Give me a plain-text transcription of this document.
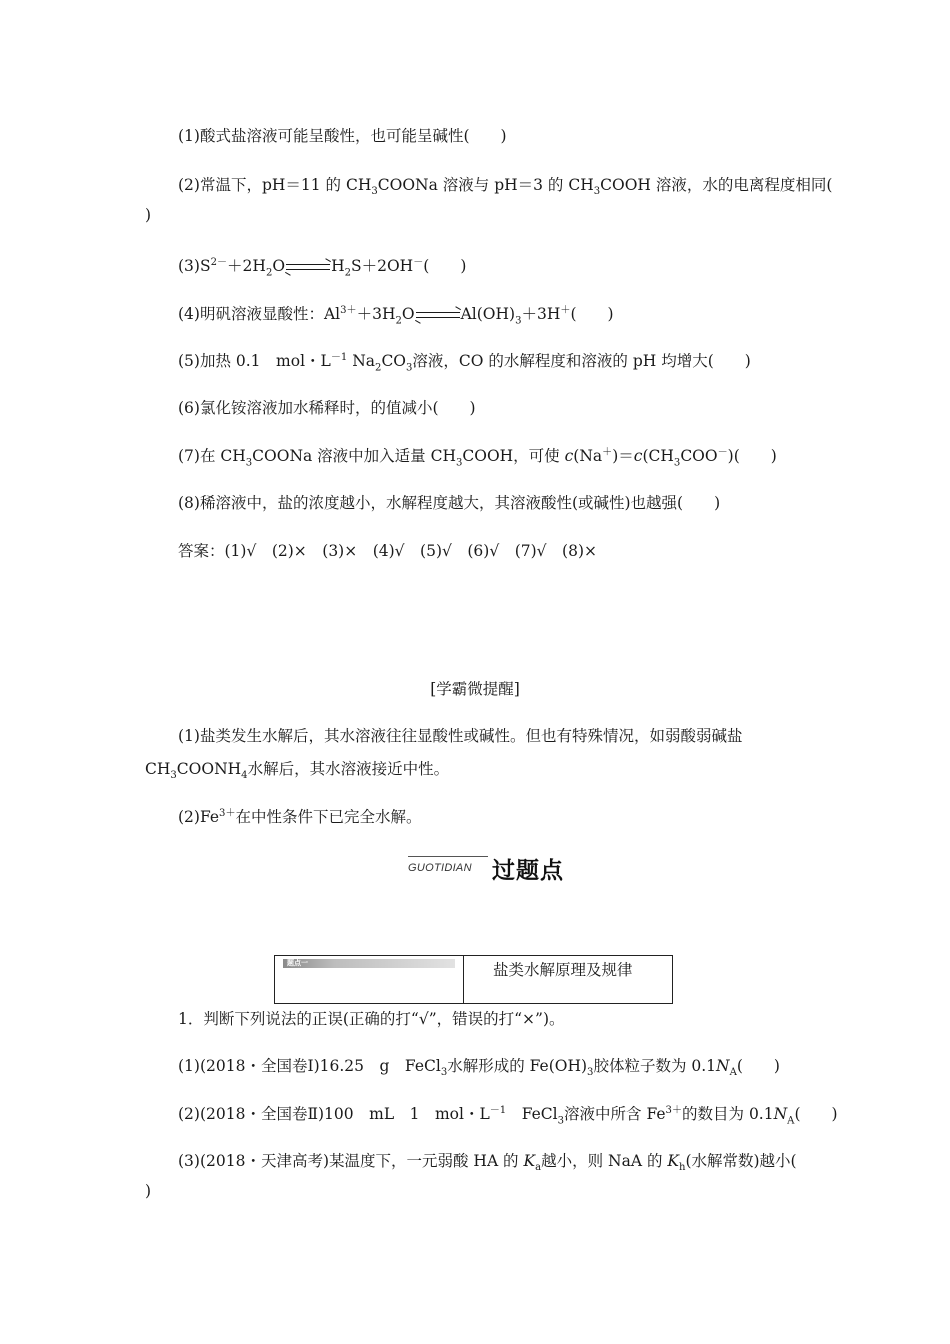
(1)酸式盐溶液可能呈酸性，也可能呈碱性(　　)
(2)常温下，pH＝11 的 $CH_3COONa$ 溶液与 pH＝3 的 $CH_3COOH$ 溶液，水的电离程度相同(
)
$(3)S^{2-}+2H_2O\to H_2S+2OH^-$(　　)
(4)明矾溶液显酸性：$Al^{3+}+3H_2O\to Al(OH)_3+3H^+$(　　)
(5)加热 0.1　mol・$L^{-1}$ $Na_2CO_3$溶液，CO 的水解程度和溶液的 pH 均增大(　　)
(6)氯化铵溶液加水稀释时，的值减小(　　)
(7)在 $CH_3COONa$ 溶液中加入适量 $CH_3COOH$，可使 $c(Na^+)=c(CH_3COO^-)$(　　)
(8)稀溶液中，盐的浓度越小，水解程度越大，其溶液酸性(或碱性)也越强(　　)
答案：(1)√　(2)×　(3)×　(4)√　(5)√　(6)√　(7)√　(8)×
[学霸微提醒]
(1)盐类发生水解后，其水溶液往往显酸性或碱性。但也有特殊情况，如弱酸弱碱盐
$CH_3COONH_4$水解后，其水溶液接近中性。
$(2)Fe^{3+}$在中性条件下已完全水解。
GUOTIDIAN 过题点
题点一	盐类水解原理及规律
1．判断下列说法的正误(正确的打“√”，错误的打“×”)。
(1)(2018・全国卷Ⅰ)16.25　g　FeCl$_3$水解形成的 $Fe(OH)_3$胶体粒子数为 $0.1N_A$(　　)
(2)(2018・全国卷Ⅱ)100　mL　1　mol・$L^{-1}$　FeCl$_3$溶液中所含 $Fe^{3+}$的数目为 $0.1N_A$(　　)
(3)(2018・天津高考)某温度下，一元弱酸 HA 的 $K_a$越小，则 NaA 的 $K_h$(水解常数)越小(
)
